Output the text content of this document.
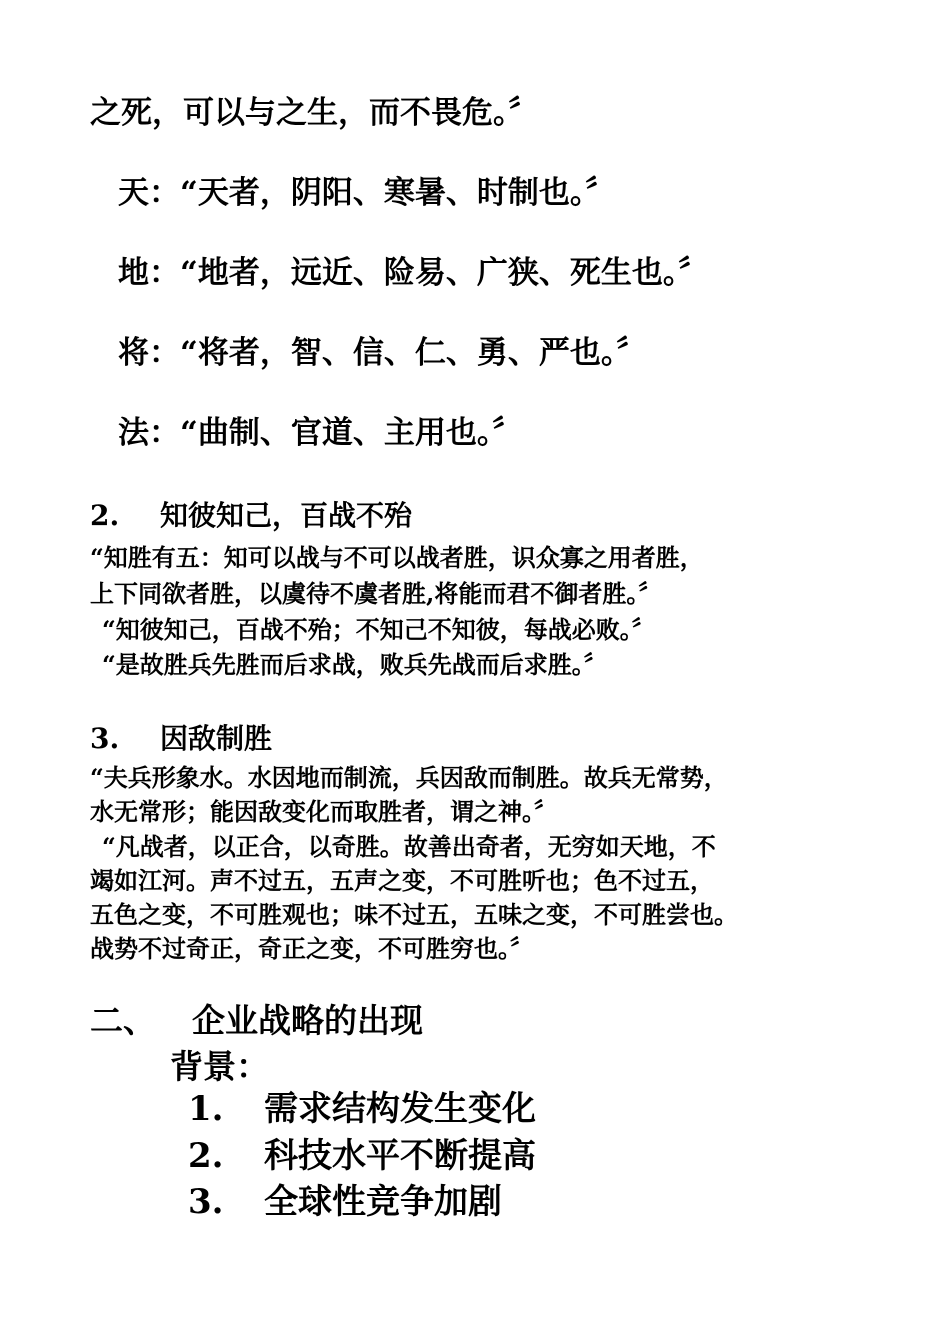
之死，可以与之生，而不畏危。〞
天：“天者，阴阳、寒暑、时制也。〞
地：“地者，远近、险易、广狭、死生也。〞
将：“将者，智、信、仁、勇、严也。〞
法：“曲制、官道、主用也。〞
2. 知彼知己，百战不殆
“知胜有五：知可以战与不可以战者胜，识众寡之用者胜，
上下同欲者胜，以虞待不虞者胜,将能而君不御者胜。〞
“知彼知己，百战不殆；不知己不知彼，每战必败。〞
“是故胜兵先胜而后求战，败兵先战而后求胜。〞
3. 因敌制胜
“夫兵形象水。水因地而制流，兵因敌而制胜。故兵无常势，
水无常形；能因敌变化而取胜者，谓之神。〞
“凡战者，以正合，以奇胜。故善出奇者，无穷如天地，不
竭如江河。声不过五，五声之变，不可胜听也；色不过五，
五色之变，不可胜观也；味不过五，五味之变，不可胜尝也。
战势不过奇正，奇正之变，不可胜穷也。〞
二、 企业战略的出现
背景：
1. 需求结构发生变化
2. 科技水平不断提高
3. 全球性竞争加剧
